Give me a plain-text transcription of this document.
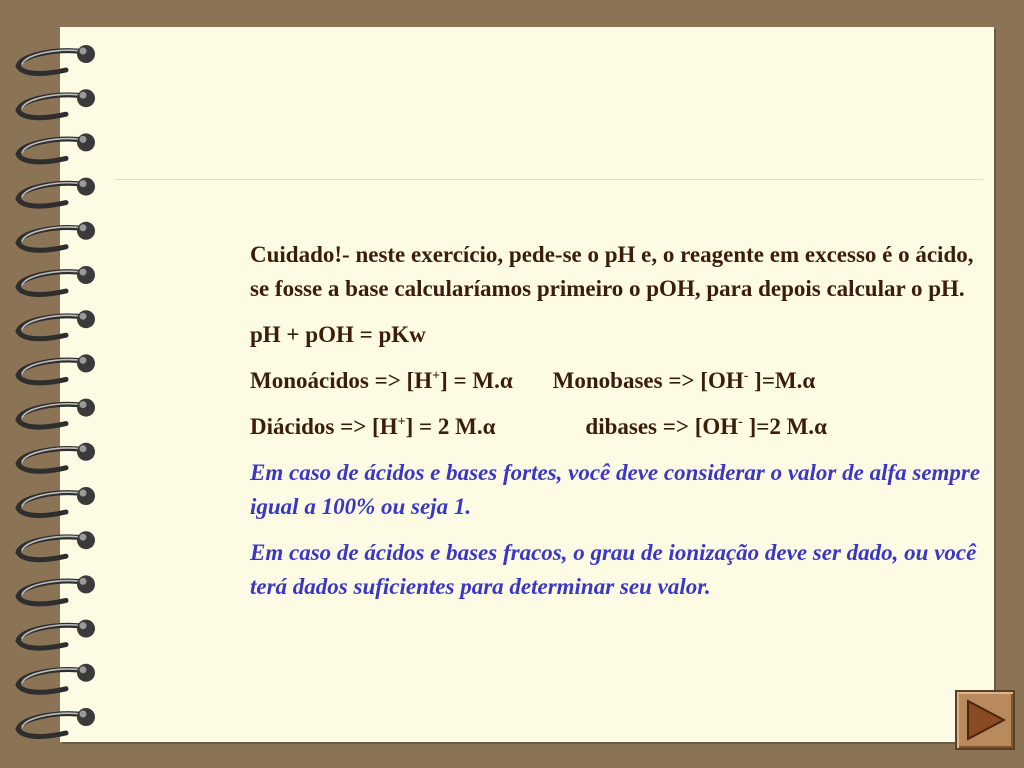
Cuidado!- neste exercício, pede-se o pH e, o reagente em excesso é o ácido, se fosse a base calcularíamos primeiro o pOH, para depois calcular o pH.

pH + pOH = pKw

Monoácidos => [H+] = M.α Monobases => [OH- ]=M.α

Diácidos => [H+] = 2 M.α	dibases => [OH- ]=2 M.α

Em caso de ácidos e bases fortes, você deve considerar o valor de alfa sempre igual a 100% ou seja 1.

Em caso de ácidos e bases fracos, o grau de ionização deve ser dado, ou você terá dados suficientes para determinar seu valor.
